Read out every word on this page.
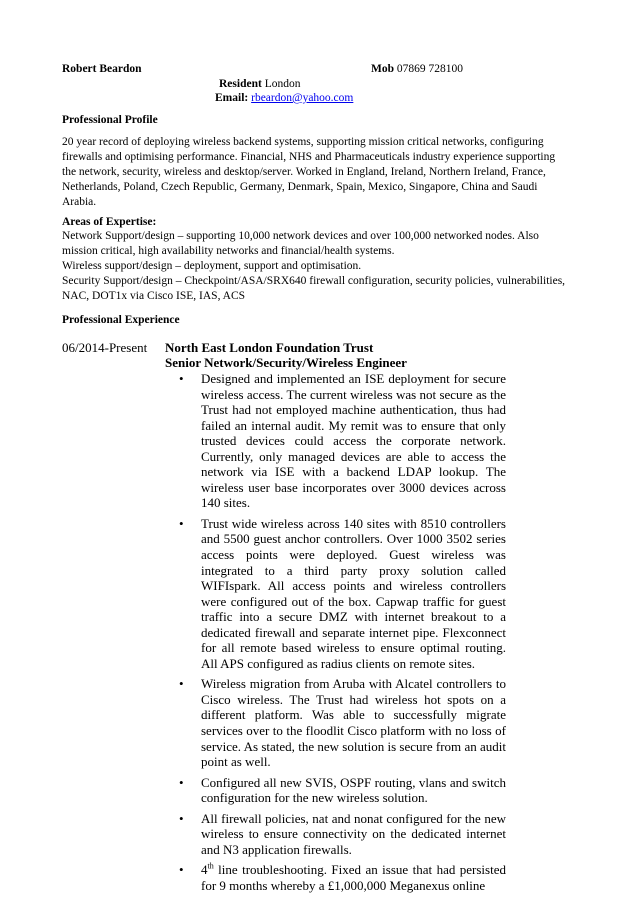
Robert Beardon	Mob 07869 728100
Resident London
Email: rbeardon@yahoo.com
Professional Profile
20 year record of deploying wireless backend systems, supporting mission critical networks, configuring
firewalls and optimising performance. Financial, NHS and Pharmaceuticals industry experience supporting
the network, security, wireless and desktop/server. Worked in England, Ireland, Northern Ireland, France,
Netherlands, Poland, Czech Republic, Germany, Denmark, Spain, Mexico, Singapore, China and Saudi
Arabia.
Areas of Expertise:
Network Support/design – supporting 10,000 network devices and over 100,000 networked nodes. Also
mission critical, high availability networks and financial/health systems.
Wireless support/design – deployment, support and optimisation.
Security Support/design – Checkpoint/ASA/SRX640 firewall configuration, security policies, vulnerabilities,
NAC, DOT1x via Cisco ISE, IAS, ACS
Professional Experience
06/2014-Present North East London Foundation Trust
Senior Network/Security/Wireless Engineer
• Designed and implemented an ISE deployment for secure wireless access. The current wireless was not secure as the Trust had not employed machine authentication, thus had failed an internal audit. My remit was to ensure that only trusted devices could access the corporate network. Currently, only managed devices are able to access the network via ISE with a backend LDAP lookup. The wireless user base incorporates over 3000 devices across 140 sites.
• Trust wide wireless across 140 sites with 8510 controllers and 5500 guest anchor controllers. Over 1000 3502 series access points were deployed. Guest wireless was integrated to a third party proxy solution called WIFIspark. All access points and wireless controllers were configured out of the box. Capwap traffic for guest traffic into a secure DMZ with internet breakout to a dedicated firewall and separate internet pipe. Flexconnect for all remote based wireless to ensure optimal routing. All APS configured as radius clients on remote sites.
• Wireless migration from Aruba with Alcatel controllers to Cisco wireless. The Trust had wireless hot spots on a different platform. Was able to successfully migrate services over to the floodlit Cisco platform with no loss of service. As stated, the new solution is secure from an audit point as well.
• Configured all new SVIS, OSPF routing, vlans and switch configuration for the new wireless solution.
• All firewall policies, nat and nonat configured for the new wireless to ensure connectivity on the dedicated internet and N3 application firewalls.
• 4th line troubleshooting. Fixed an issue that had persisted for 9 months whereby a £1,000,000 Meganexus online
